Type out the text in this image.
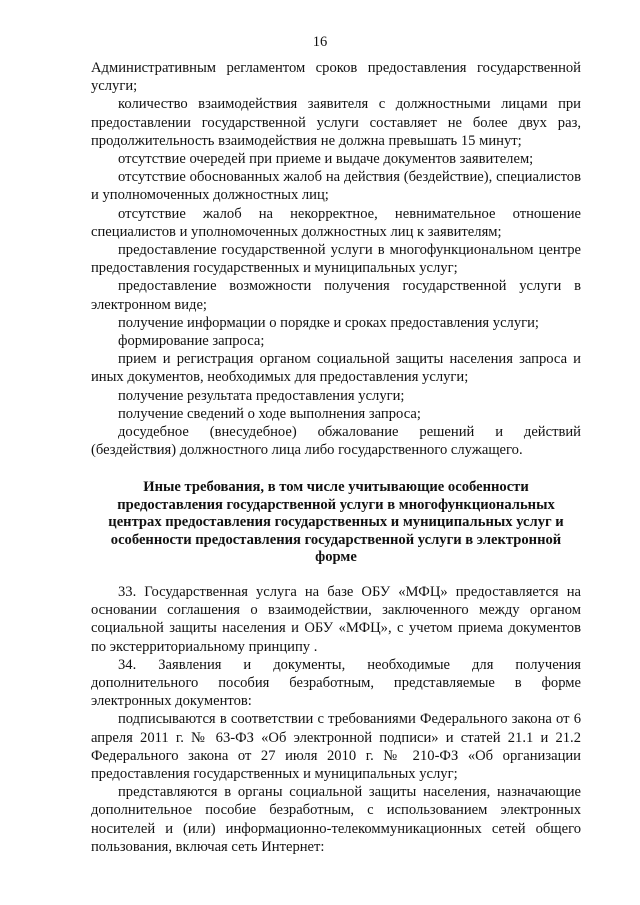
16

Административным регламентом сроков предоставления государственной услуги;

количество взаимодействия заявителя с должностными лицами при предоставлении государственной услуги составляет не более двух раз, продолжительность взаимодействия не должна превышать 15 минут;

отсутствие очередей при приеме и выдаче документов заявителем;

отсутствие обоснованных жалоб на действия (бездействие), специалистов и уполномоченных должностных лиц;

отсутствие жалоб на некорректное, невнимательное отношение специалистов и уполномоченных должностных лиц к заявителям;

предоставление государственной услуги в многофункциональном центре предоставления государственных и муниципальных услуг;

предоставление возможности получения государственной услуги в электронном виде;

получение информации о порядке и сроках предоставления услуги;

формирование запроса;

прием и регистрация органом социальной защиты населения запроса и иных документов, необходимых для предоставления услуги;

получение результата предоставления услуги;

получение сведений о ходе выполнения запроса;

досудебное (внесудебное) обжалование решений и действий (бездействия) должностного лица либо государственного служащего.

Иные требования, в том числе учитывающие особенности
предоставления государственной услуги в многофункциональных
центрах предоставления государственных и муниципальных услуг и
особенности предоставления государственной услуги в электронной
форме

33. Государственная услуга на базе ОБУ «МФЦ» предоставляется на основании соглашения о взаимодействии, заключенного между органом социальной защиты населения и ОБУ «МФЦ», с учетом приема документов по экстерриториальному принципу .

34. Заявления и документы, необходимые для получения дополнительного пособия безработным, представляемые в форме электронных документов:

подписываются в соответствии с требованиями Федерального закона от 6 апреля 2011 г. № 63-ФЗ «Об электронной подписи» и статей 21.1 и 21.2 Федерального закона от 27 июля 2010 г. № 210-ФЗ «Об организации предоставления государственных и муниципальных услуг;

представляются в органы социальной защиты населения, назначающие дополнительное пособие безработным, с использованием электронных носителей и (или) информационно-телекоммуникационных сетей общего пользования, включая сеть Интернет:
